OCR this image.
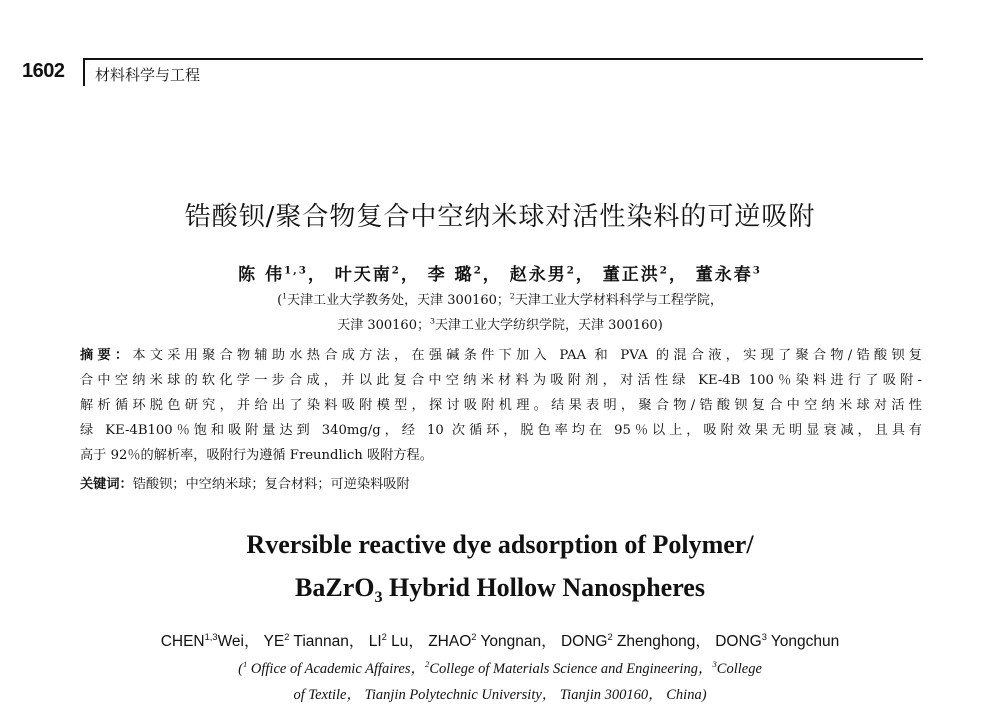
1602 材料科学与工程
锆酸钡/聚合物复合中空纳米球对活性染料的可逆吸附
陈 伟$^{1,3}$， 叶天南$^2$， 李 璐$^2$， 赵永男$^2$， 董正洪$^2$， 董永春$^3$
($^1$天津工业大学教务处，天津 300160；$^2$天津工业大学材料科学与工程学院，
天津 300160；$^3$天津工业大学纺织学院，天津 300160)
摘要：本文采用聚合物辅助水热合成方法，在强碱条件下加入 PAA 和 PVA 的混合液，实现了聚合物/锆酸钡复
合中空纳米球的软化学一步合成，并以此复合中空纳米材料为吸附剂，对活性绿 KE-4B 100％染料进行了吸附-
解析循环脱色研究，并给出了染料吸附模型，探讨吸附机理。结果表明，聚合物/锆酸钡复合中空纳米球对活性
绿 KE-4B100％饱和吸附量达到 340mg/g，经 10 次循环，脱色率均在 95％以上，吸附效果无明显衰减，且具有
高于 92％的解析率，吸附行为遵循 Freundlich 吸附方程。
关键词：锆酸钡；中空纳米球；复合材料；可逆染料吸附
Rversible reactive dye adsorption of Polymer/
BaZrO$_3$ Hybrid Hollow Nanospheres
CHEN$^{1,3}$Wei， $YE^2$ Tiannan， $LI^2$ Lu， ZHAO$^2$ Yongnan， DONG$^2$ Zhenghong， DONG$^3$ Yongchun
($^1$ Office of Academic Affaires，$^2$College of Materials Science and Engineering，$^3$College
of Textile， Tianjin Polytechnic University， Tianjin 300160， China)
